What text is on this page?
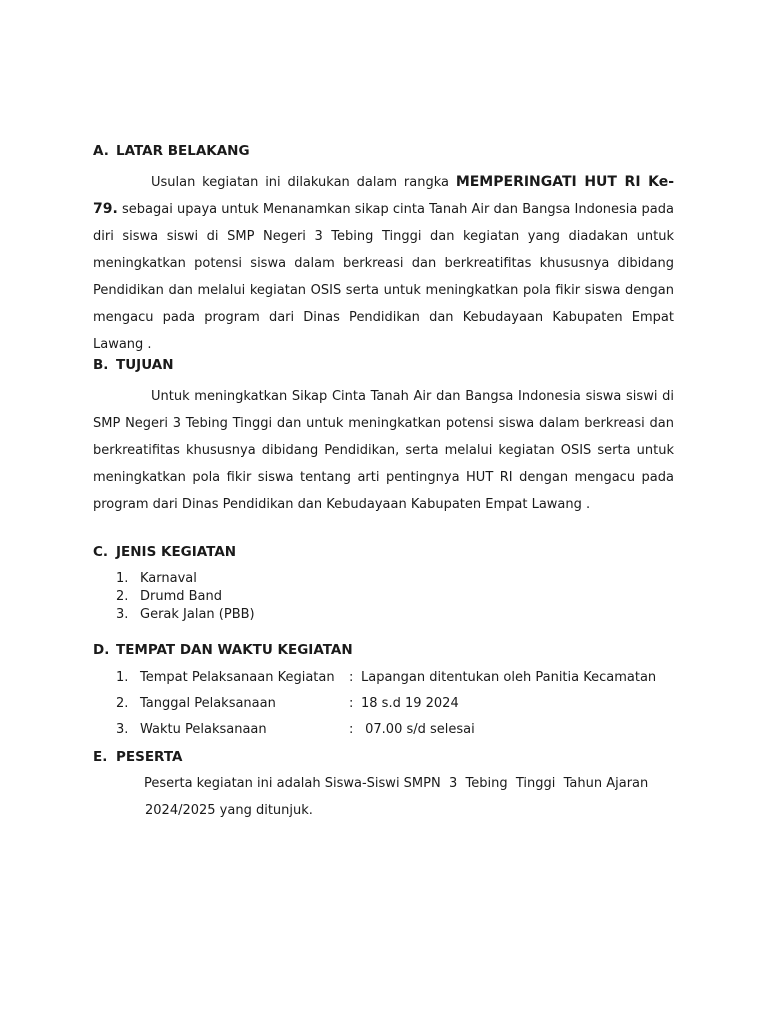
A. LATAR BELAKANG

Usulan kegiatan ini dilakukan dalam rangka MEMPERINGATI HUT RI Ke- 79. sebagai upaya untuk Menanamkan sikap cinta Tanah Air dan Bangsa Indonesia pada diri siswa siswi di SMP Negeri 3 Tebing Tinggi dan kegiatan yang diadakan untuk meningkatkan potensi siswa dalam berkreasi dan berkreatifitas khususnya dibidang Pendidikan dan melalui kegiatan OSIS serta untuk meningkatkan pola fikir siswa dengan mengacu pada program dari Dinas Pendidikan dan Kebudayaan Kabupaten Empat Lawang .

B. TUJUAN

Untuk meningkatkan Sikap Cinta Tanah Air dan Bangsa Indonesia siswa siswi di SMP Negeri 3 Tebing Tinggi dan untuk meningkatkan potensi siswa dalam berkreasi dan berkreatifitas khususnya dibidang Pendidikan, serta melalui kegiatan OSIS serta untuk meningkatkan pola fikir siswa tentang arti pentingnya HUT RI dengan mengacu pada program dari Dinas Pendidikan dan Kebudayaan Kabupaten Empat Lawang .

C. JENIS KEGIATAN
1. Karnaval
2. Drumd Band
3. Gerak Jalan (PBB)
D. TEMPAT DAN WAKTU KEGIATAN
1. Tempat Pelaksanaan Kegiatan	: Lapangan ditentukan oleh Panitia Kecamatan
2. Tanggal Pelaksanaan	: 18 s.d 19 2024
3. Waktu Pelaksanaan	: 07.00 s/d selesai
E. PESERTA

Peserta kegiatan ini adalah Siswa-Siswi SMPN  3  Tebing  Tinggi  Tahun Ajaran

2024/2025 yang ditunjuk.
